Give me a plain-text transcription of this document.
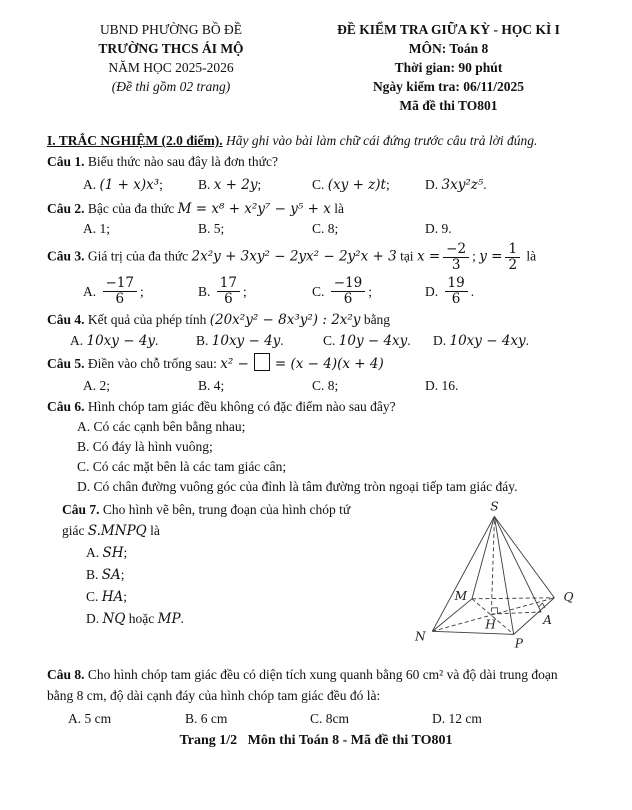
UBND PHƯỜNG BỒ ĐỀ
TRƯỜNG THCS ÁI MỘ
NĂM HỌC 2025-2026
(Đề thi gồm 02 trang)
ĐỀ KIỂM TRA GIỮA KỲ - HỌC KÌ I
MÔN: Toán 8
Thời gian: 90 phút
Ngày kiểm tra: 06/11/2025
Mã đề thi TO801
I. TRẮC NGHIỆM (2.0 điểm). Hãy ghi vào bài làm chữ cái đứng trước câu trả lời đúng.
Câu 1. Biểu thức nào sau đây là đơn thức?
A. (1 + x)x³;	B. x + 2y;	C. (xy + z)t;	D. 3xy²z⁵.
Câu 2. Bậc của đa thức M = x⁸ + x²y⁷ − y⁵ + x là
A. 1;	B. 5;	C. 8;	D. 9.
Câu 3. Giá trị của đa thức 2x²y + 3xy² − 2yx² − 2y²x + 3 tại $x = \frac{-2}{3}$ ; $y = \frac{1}{2}$ là
A.
$\frac{-17}{6}$ ;	B.
$\frac{17}{6}$ ;	C.
$\frac{-19}{6}$ ;	D.
$\frac{19}{6}$ .
Câu 4. Kết quả của phép tính (20x²y² − 8x³y²) : 2x²y bằng
A. 10xy − 4y.	B. 10xy − 4y.	C. 10y − 4xy.	D. 10xy − 4xy.
Câu 5. Điền vào chỗ trống sau: x² − = (x − 4)(x + 4)
A. 2;	B. 4;	C. 8;	D. 16.
Câu 6. Hình chóp tam giác đều không có đặc điểm nào sau đây?
A. Có các cạnh bên bằng nhau;
B. Có đáy là hình vuông;
C. Có các mặt bên là các tam giác cân;
D. Có chân đường vuông góc của đỉnh là tâm đường tròn ngoại tiếp tam giác đáy.
Câu 7. Cho hình vẽ bên, trung đoạn của hình chóp tứ
giác S.MNPQ là
A. SH;
B. SA;
C. HA;
D. NQ hoặc MP.
S
M	Q
H	A
N
P
Câu 8. Cho hình chóp tam giác đều có diện tích xung quanh bằng 60 cm² và độ dài trung đoạn
bằng 8 cm, độ dài cạnh đáy của hình chóp tam giác đều đó là:
A. 5 cm	B. 6 cm	C. 8cm	D. 12 cm
Trang 1/2   Môn thi Toán 8 - Mã đề thi TO801
